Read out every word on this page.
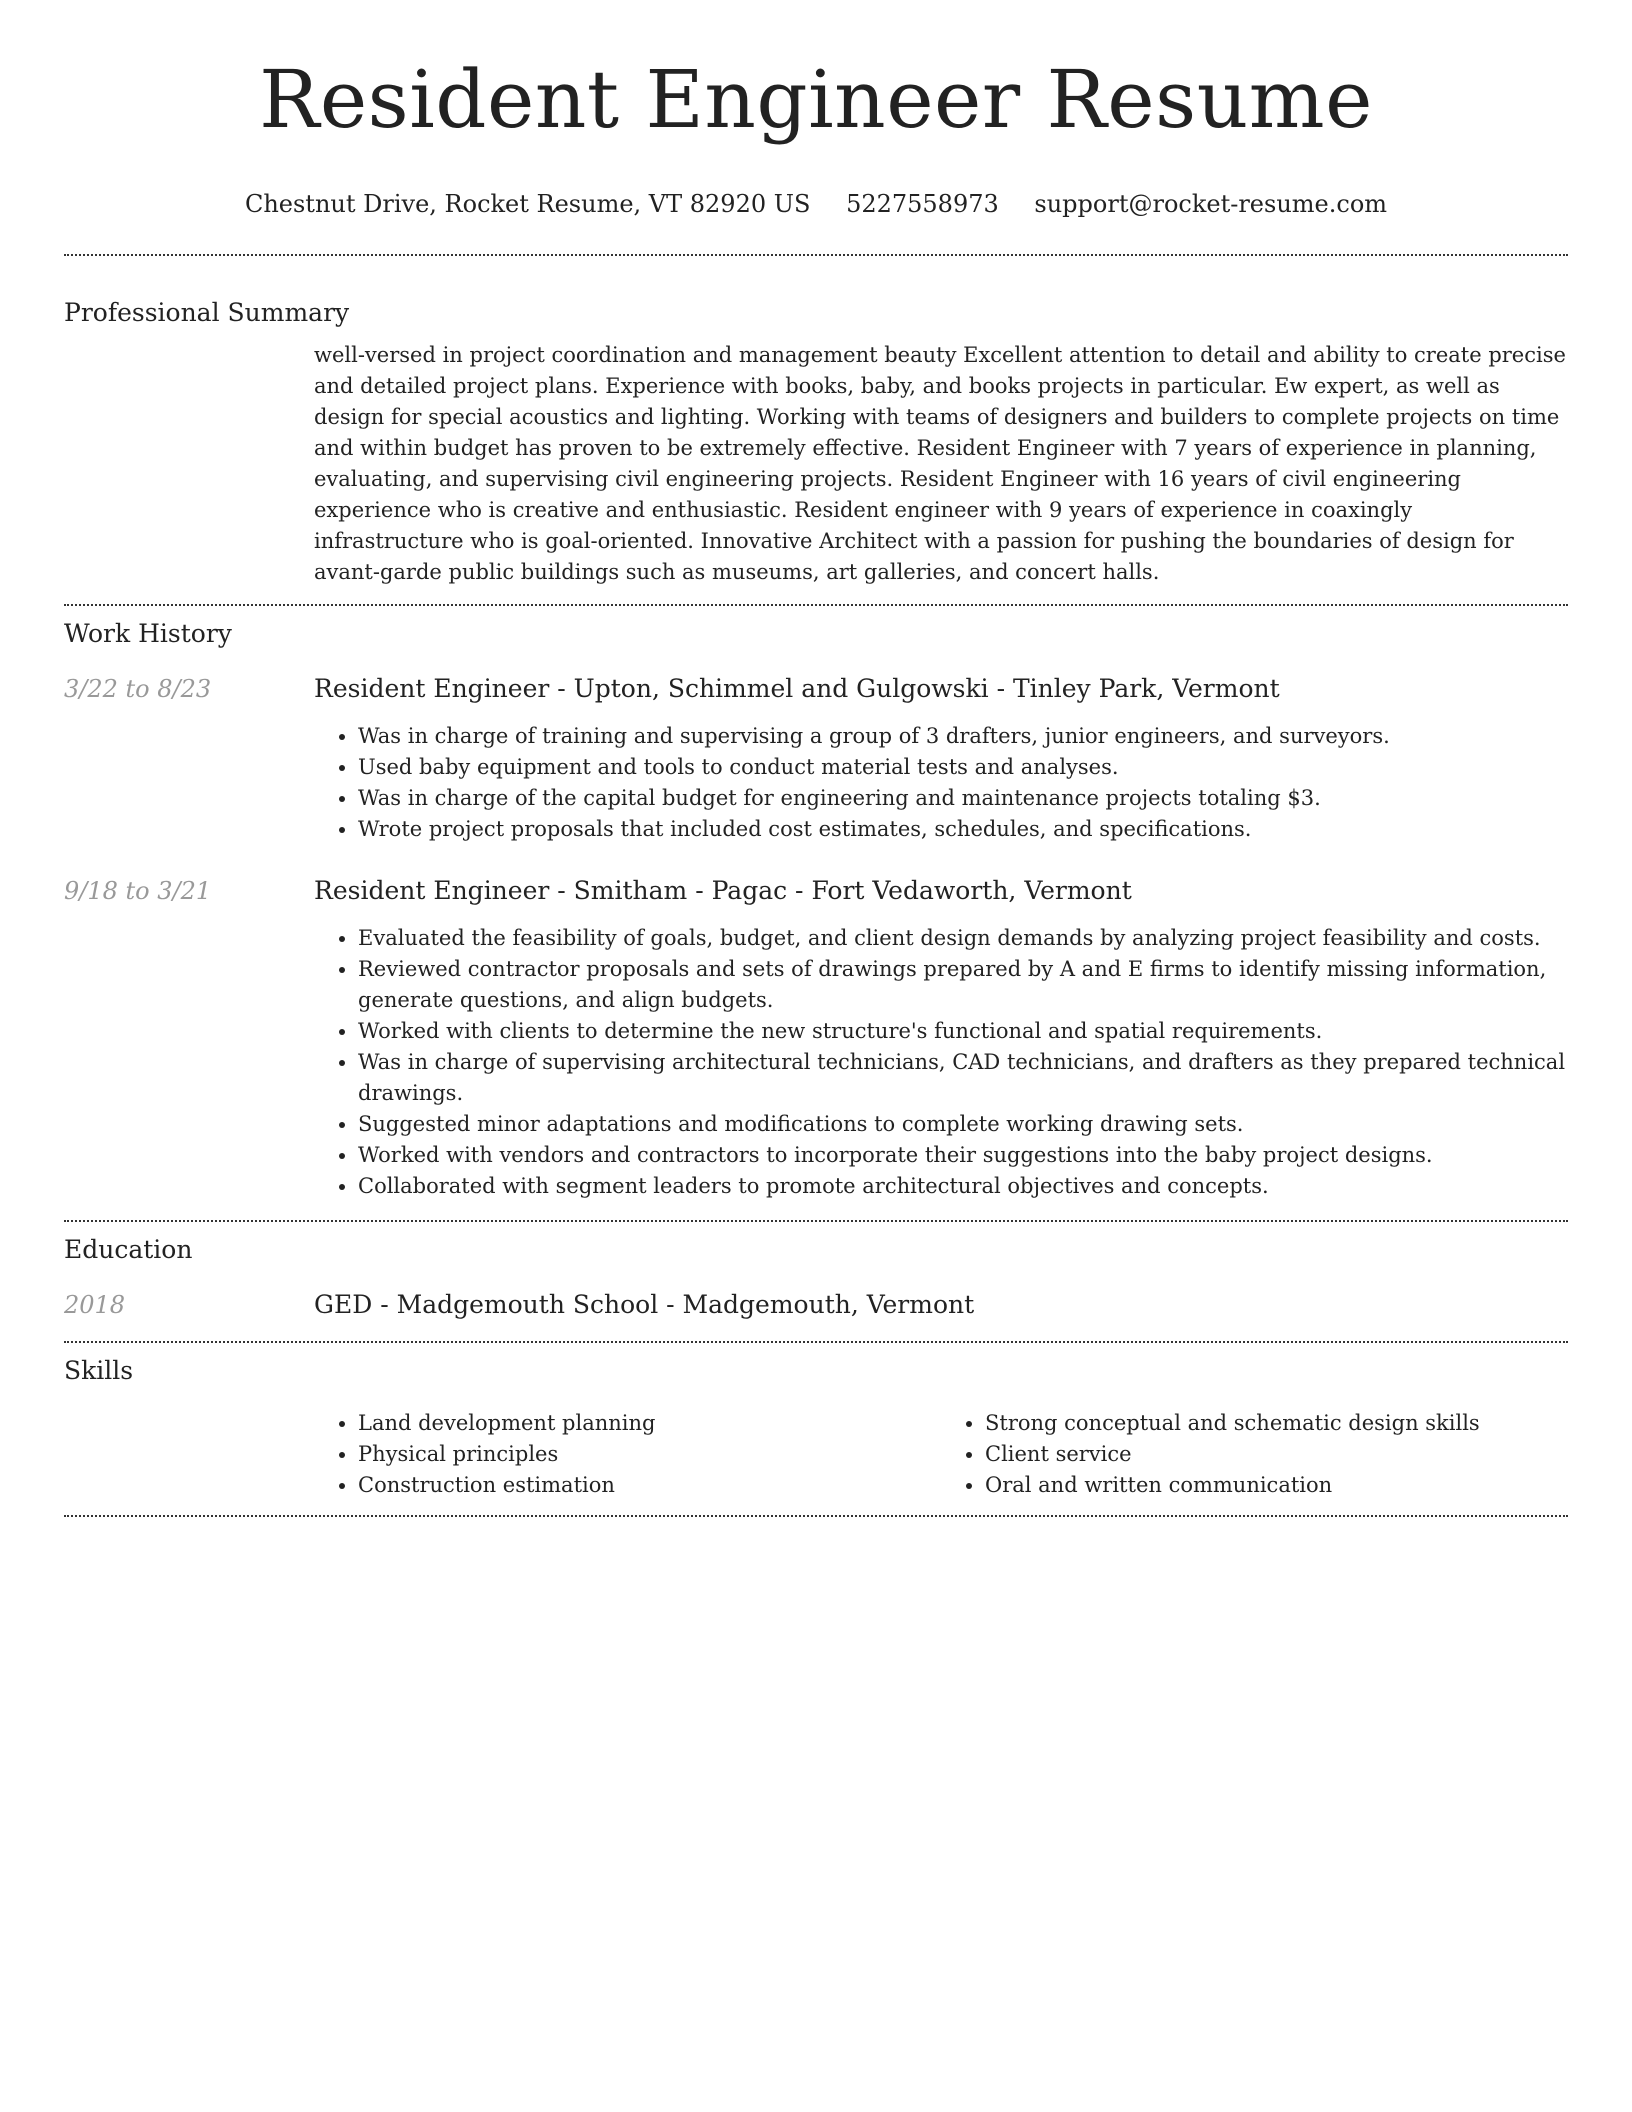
Resident Engineer Resume
Chestnut Drive, Rocket Resume, VT 82920 US 5227558973 support@rocket-resume.com
Professional Summary

well-versed in project coordination and management beauty Excellent attention to detail and ability to create precise and detailed project plans. Experience with books, baby, and books projects in particular. Ew expert, as well as design for special acoustics and lighting. Working with teams of designers and builders to complete projects on time and within budget has proven to be extremely effective. Resident Engineer with 7 years of experience in planning, evaluating, and supervising civil engineering projects. Resident Engineer with 16 years of civil engineering experience who is creative and enthusiastic. Resident engineer with 9 years of experience in coaxingly infrastructure who is goal-oriented. Innovative Architect with a passion for pushing the boundaries of design for avant-garde public buildings such as museums, art galleries, and concert halls.

Work History
3/22 to 8/23	Resident Engineer - Upton, Schimmel and Gulgowski - Tinley Park, Vermont
• Was in charge of training and supervising a group of 3 drafters, junior engineers, and surveyors.
• Used baby equipment and tools to conduct material tests and analyses.
• Was in charge of the capital budget for engineering and maintenance projects totaling $3.
• Wrote project proposals that included cost estimates, schedules, and specifications.
9/18 to 3/21	Resident Engineer - Smitham - Pagac - Fort Vedaworth, Vermont
• Evaluated the feasibility of goals, budget, and client design demands by analyzing project feasibility and costs.
• Reviewed contractor proposals and sets of drawings prepared by A and E firms to identify missing information, generate questions, and align budgets.
• Worked with clients to determine the new structure's functional and spatial requirements.
• Was in charge of supervising architectural technicians, CAD technicians, and drafters as they prepared technical drawings.
• Suggested minor adaptations and modifications to complete working drawing sets.
• Worked with vendors and contractors to incorporate their suggestions into the baby project designs.
• Collaborated with segment leaders to promote architectural objectives and concepts.
Education
2018	GED - Madgemouth School - Madgemouth, Vermont
Skills
• Land development planning
• Physical principles
• Construction estimation
• Strong conceptual and schematic design skills
• Client service
• Oral and written communication
